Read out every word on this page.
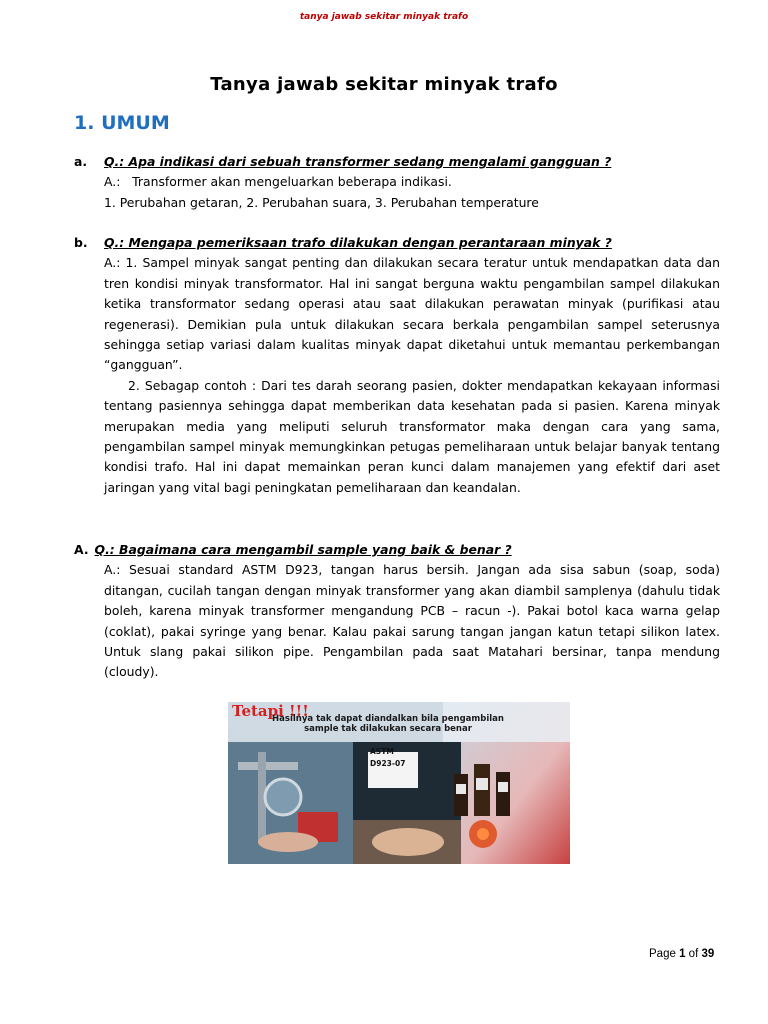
tanya jawab sekitar minyak trafo
Tanya jawab sekitar minyak trafo
1. UMUM
a.	Q.: Apa indikasi dari sebuah transformer sedang mengalami gangguan ?

A.:   Transformer akan mengeluarkan beberapa indikasi.

1. Perubahan getaran, 2. Perubahan suara, 3. Perubahan temperature

b.	Q.: Mengapa pemeriksaan trafo dilakukan dengan perantaraan minyak ?

A.: 1. Sampel minyak sangat penting dan dilakukan secara teratur untuk mendapatkan data dan tren kondisi minyak transformator. Hal ini sangat berguna waktu pengambilan sampel dilakukan ketika transformator sedang operasi atau saat dilakukan perawatan minyak (purifikasi atau regenerasi). Demikian pula untuk dilakukan secara berkala pengambilan sampel seterusnya sehingga setiap variasi dalam kualitas minyak dapat diketahui untuk memantau perkembangan “gangguan”.

2. Sebagap contoh : Dari tes darah seorang pasien, dokter mendapatkan kekayaan informasi tentang pasiennya sehingga dapat memberikan data kesehatan pada si pasien. Karena minyak merupakan media yang meliputi seluruh transformator maka dengan cara yang sama, pengambilan sampel minyak memungkinkan petugas pemeliharaan untuk belajar banyak tentang kondisi trafo. Hal ini dapat memainkan peran kunci dalam manajemen yang efektif dari aset jaringan yang vital bagi peningkatan pemeliharaan dan keandalan.

A. Q.: Bagaimana cara mengambil sample yang baik & benar ?

A.: Sesuai standard ASTM D923, tangan harus bersih. Jangan ada sisa sabun (soap, soda) ditangan, cucilah tangan dengan minyak transformer yang akan diambil samplenya (dahulu tidak boleh, karena minyak transformer mengandung PCB – racun -). Pakai botol kaca warna gelap (coklat), pakai syringe yang benar. Kalau pakai sarung tangan jangan katun tetapi silikon latex. Untuk slang pakai silikon pipe. Pengambilan pada saat Matahari bersinar, tanpa mendung (cloudy).

Tetapi !!!
Hasilnya tak dapat diandalkan bila pengambilan
sample tak dilakukan secara benar
ASTM
D923-07
Page 1 of 39
